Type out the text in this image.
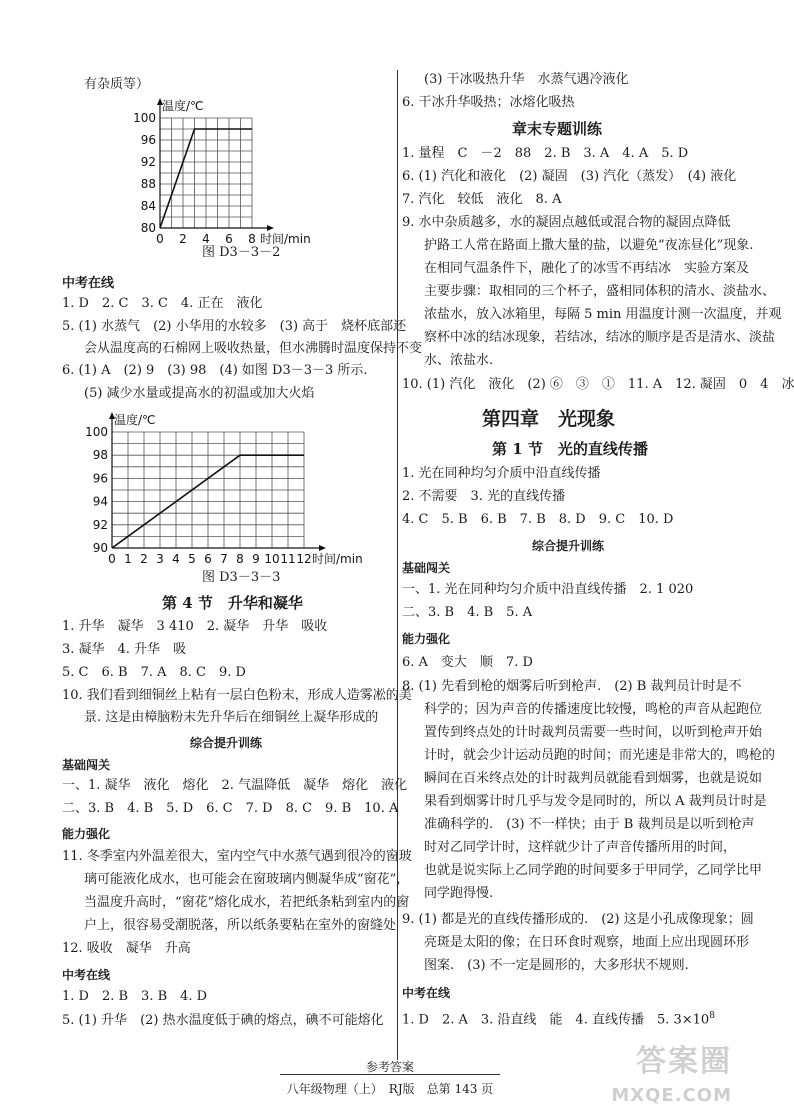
有杂质等）
0 2 4 6 8
80
84
88
92
96
100
温度/℃
时间/min
图 D3－3－2
中考在线
1. D　2. C　3. C　4. 正在　液化
5. (1) 水蒸气　(2) 小华用的水较多　(3) 高于　烧杯底部还
会从温度高的石棉网上吸收热量，但水沸腾时温度保持不变
6. (1) A　(2) 9　(3) 98　(4) 如图 D3－3－3 所示.
(5) 减少水量或提高水的初温或加大火焰
0 1 2 3 4 5 6 7 8 9 10 11 12
90
92
94
96
98
100
温度/℃
时间/min
图 D3－3－3
第 4 节　升华和凝华
1. 升华　凝华　3 410　2. 凝华　升华　吸收
3. 凝华　4. 升华　吸
5. C　6. B　7. A　8. C　9. D
10. 我们看到细铜丝上粘有一层白色粉末，形成人造雾凇的美
景. 这是由樟脑粉末先升华后在细铜丝上凝华形成的
综合提升训练
基础闯关
一、1. 凝华　液化　熔化　2. 气温降低　凝华　熔化　液化
二、3. B　4. B　5. D　6. C　7. D　8. C　9. B　10. A
能力强化
11. 冬季室内外温差很大，室内空气中水蒸气遇到很冷的窗玻
璃可能液化成水，也可能会在窗玻璃内侧凝华成“窗花”，
当温度升高时，“窗花”熔化成水，若把纸条粘到室内的窗
户上，很容易受潮脱落，所以纸条要粘在室外的窗缝处
12. 吸收　凝华　升高
中考在线
1. D　2. B　3. B　4. D
5. (1) 升华　(2) 热水温度低于碘的熔点，碘不可能熔化
(3) 干冰吸热升华　水蒸气遇冷液化
6. 干冰升华吸热；冰熔化吸热
章末专题训练
1. 量程　C　－2　88　2. B　3. A　4. A　5. D
6. (1) 汽化和液化　(2) 凝固　(3) 汽化（蒸发）　(4) 液化
7. 汽化　较低　液化　8. A
9. 水中杂质越多，水的凝固点越低或混合物的凝固点降低
护路工人常在路面上撒大量的盐，以避免“夜冻昼化”现象.
在相同气温条件下，融化了的冰雪不再结冰　实验方案及
主要步骤：取相同的三个杯子，盛相同体积的清水、淡盐水、
浓盐水，放入冰箱里，每隔 5 min 用温度计测一次温度，并观
察杯中冰的结冰现象，若结冰，结冰的顺序是否是清水、淡盐
水、浓盐水.
10. (1) 汽化　液化　(2) ⑥　③　①　11. A　12. 凝固　0　4　冰
第四章　光现象
第 1 节　光的直线传播
1. 光在同种均匀介质中沿直线传播
2. 不需要　3. 光的直线传播
4. C　5. B　6. B　7. B　8. D　9. C　10. D
综合提升训练
基础闯关
一、1. 光在同种均匀介质中沿直线传播　2. 1 020
二、3. B　4. B　5. A
能力强化
6. A　变大　顺　7. D
8. (1) 先看到枪的烟雾后听到枪声.　(2) B 裁判员计时是不
科学的；因为声音的传播速度比较慢，鸣枪的声音从起跑位
置传到终点处的计时裁判员需要一些时间，以听到枪声开始
计时，就会少计运动员跑的时间；而光速是非常大的，鸣枪的
瞬间在百米终点处的计时裁判员就能看到烟雾，也就是说如
果看到烟雾计时几乎与发令是同时的，所以 A 裁判员计时是
准确科学的.　(3) 不一样快；由于 B 裁判员是以听到枪声
时对乙同学计时，这样就少计了声音传播所用的时间，
也就是说实际上乙同学跑的时间要多于甲同学，乙同学比甲
同学跑得慢.
9. (1) 都是光的直线传播形成的.　(2) 这是小孔成像现象；圆
亮斑是太阳的像；在日环食时观察，地面上应出现圆环形
图案.　(3) 不一定是圆形的，大多形状不规则.
中考在线
1. D　2. A　3. 沿直线　能　4. 直线传播　5. $3\times 10^8$
参考答案
八年级物理（上）　RJ版　总第 143 页
答案圈
MXQE.COM
